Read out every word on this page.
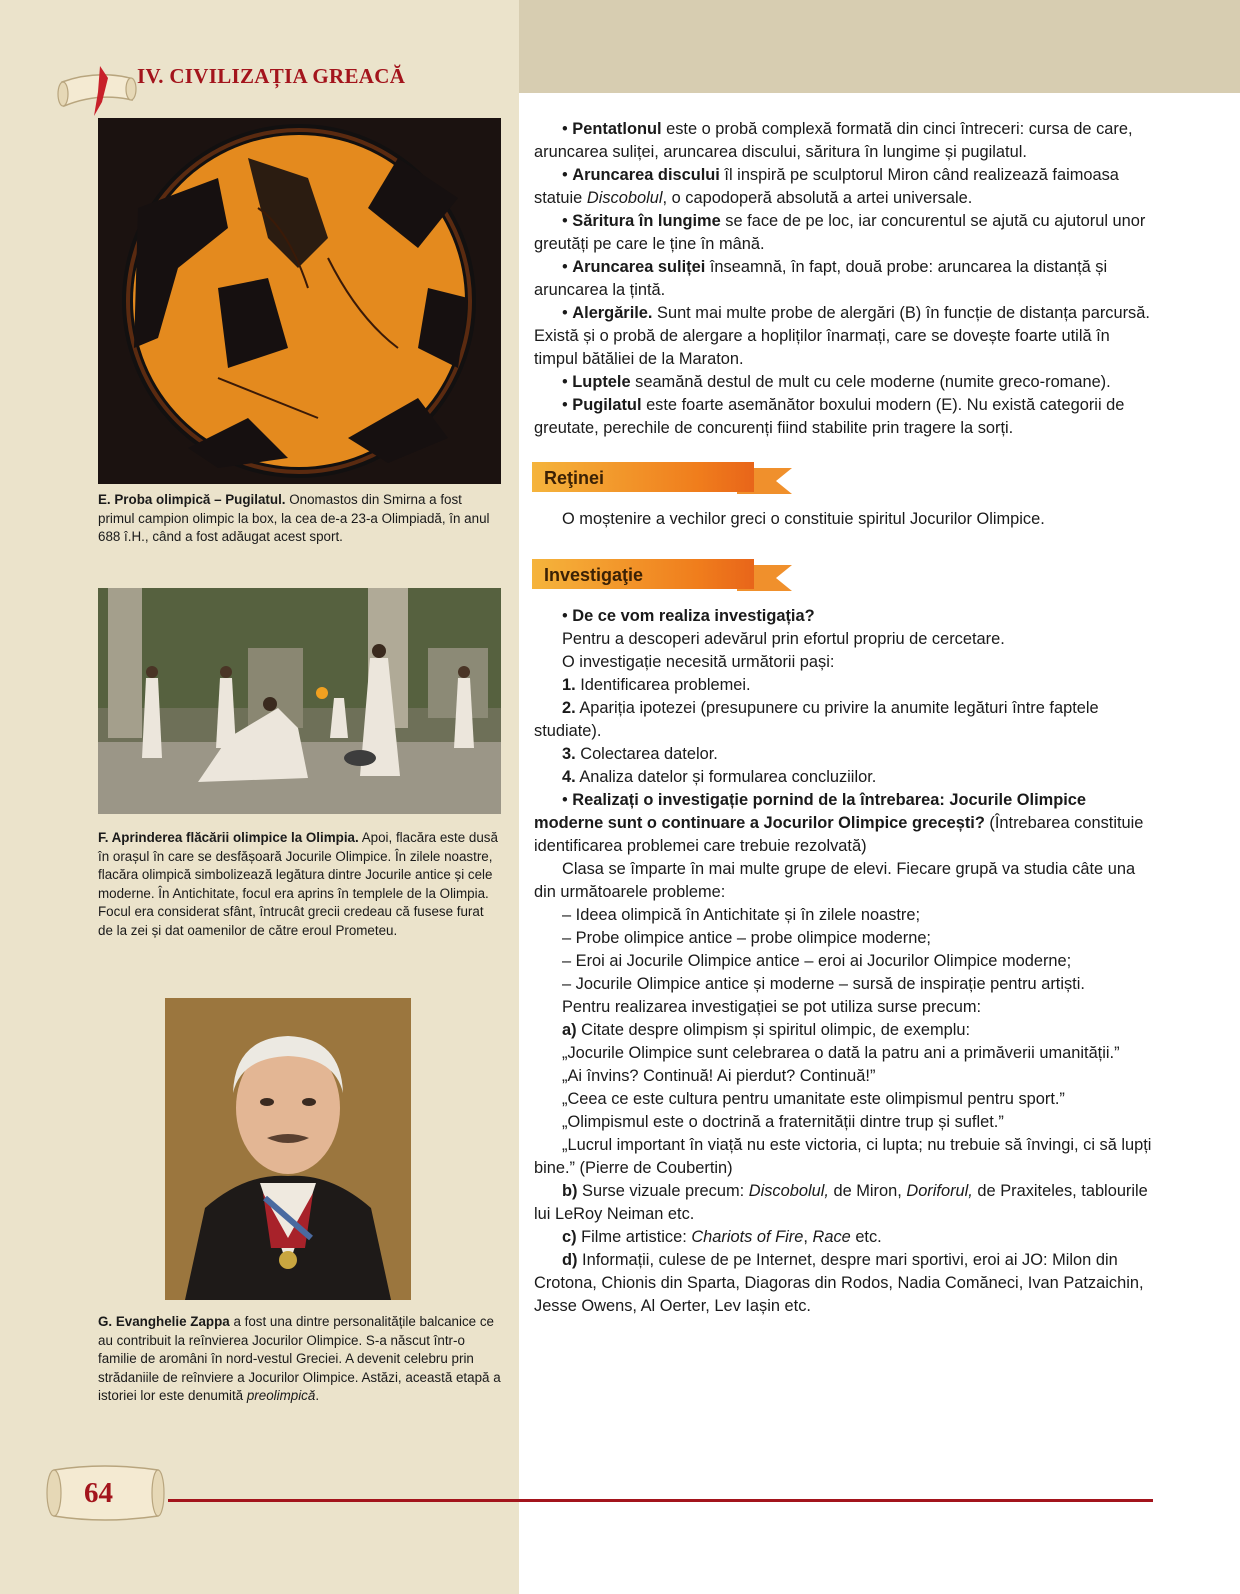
IV. CIVILIZAȚIA GREACĂ

E. Proba olimpică – Pugilatul. Onomastos din Smirna a fost primul campion olimpic la box, la cea de-a 23-a Olimpiadă, în anul 688 î.H., când a fost adăugat acest sport.

F. Aprinderea flăcării olimpice la Olimpia. Apoi, flacăra este dusă în orașul în care se desfășoară Jocurile Olimpice. În zilele noastre, flacăra olimpică simbolizează legătura dintre Jocurile antice și cele moderne. În Antichitate, focul era aprins în templele de la Olimpia. Focul era considerat sfânt, întrucât grecii credeau că fusese furat de la zei și dat oamenilor de către eroul Prometeu.

G. Evanghelie Zappa a fost una dintre personalitățile balcanice ce au contribuit la reînvierea Jocurilor Olimpice. S-a născut într-o familie de aromâni în nord-vestul Greciei. A devenit celebru prin strădaniile de reînviere a Jocurilor Olimpice. Astăzi, această etapă a istoriei lor este denumită preolimpică.

• Pentatlonul este o probă complexă formată din cinci întreceri: cursa de care, aruncarea suliței, aruncarea discului, săritura în lungime și pugilatul.

• Aruncarea discului îl inspiră pe sculptorul Miron când realizează faimoasa statuie Discobolul, o capodoperă absolută a artei universale.

• Săritura în lungime se face de pe loc, iar concurentul se ajută cu ajutorul unor greutăți pe care le ține în mână.

• Aruncarea suliței înseamnă, în fapt, două probe: aruncarea la distanță și aruncarea la țintă.

• Alergările. Sunt mai multe probe de alergări (B) în funcție de distanța parcursă. Există și o probă de alergare a hopliților înarmați, care se dovește foarte utilă în timpul bătăliei de la Maraton.

• Luptele seamănă destul de mult cu cele moderne (numite greco-romane).

• Pugilatul este foarte asemănător boxului modern (E). Nu există categorii de greutate, perechile de concurenți fiind stabilite prin tragere la sorți.

Reţinei

O moștenire a vechilor greci o constituie spiritul Jocurilor Olimpice.

Investigaţie

• De ce vom realiza investigația?

Pentru a descoperi adevărul prin efortul propriu de cercetare.

O investigație necesită următorii pași:

1. Identificarea problemei.

2. Apariția ipotezei (presupunere cu privire la anumite legături între faptele studiate).

3. Colectarea datelor.

4. Analiza datelor și formularea concluziilor.

• Realizați o investigație pornind de la întrebarea: Jocurile Olimpice moderne sunt o continuare a Jocurilor Olimpice grecești? (Întrebarea constituie identificarea problemei care trebuie rezolvată)

Clasa se împarte în mai multe grupe de elevi. Fiecare grupă va studia câte una din următoarele probleme:

– Ideea olimpică în Antichitate și în zilele noastre;

– Probe olimpice antice – probe olimpice moderne;

– Eroi ai Jocurile Olimpice antice – eroi ai Jocurilor Olimpice moderne;

– Jocurile Olimpice antice și moderne – sursă de inspirație pentru artiști.

Pentru realizarea investigației se pot utiliza surse precum:

a) Citate despre olimpism și spiritul olimpic, de exemplu:

„Jocurile Olimpice sunt celebrarea o dată la patru ani a primăverii umanității.”

„Ai învins? Continuă! Ai pierdut? Continuă!”

„Ceea ce este cultura pentru umanitate este olimpismul pentru sport.”

„Olimpismul este o doctrină a fraternității dintre trup și suflet.”

„Lucrul important în viață nu este victoria, ci lupta; nu trebuie să învingi, ci să lupți bine.” (Pierre de Coubertin)

b) Surse vizuale precum: Discobolul, de Miron, Doriforul, de Praxiteles, tablourile lui LeRoy Neiman etc.

c) Filme artistice: Chariots of Fire, Race etc.

d) Informații, culese de pe Internet, despre mari sportivi, eroi ai JO: Milon din Crotona, Chionis din Sparta, Diagoras din Rodos, Nadia Comăneci, Ivan Patzaichin, Jesse Owens, Al Oerter, Lev Iașin etc.

64
